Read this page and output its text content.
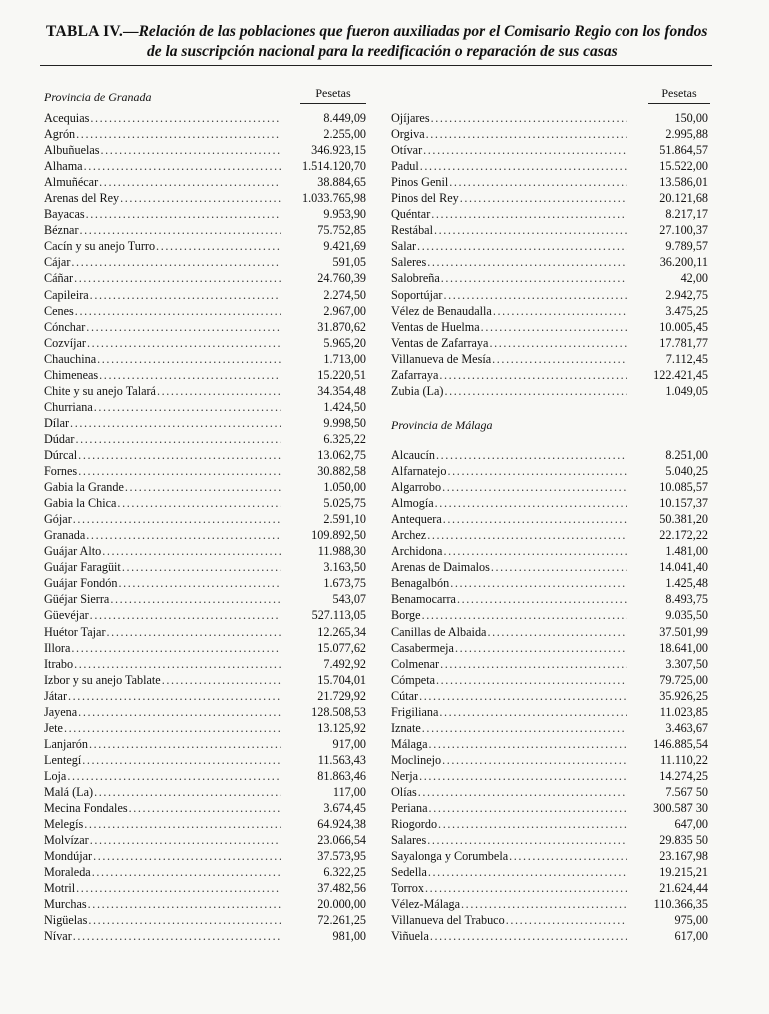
TABLA IV.—Relación de las poblaciones que fueron auxiliadas por el Comisario Regio con los fondos
de la suscripción nacional para la reedificación o reparación de sus casas
Provincia de Granada	Pesetas
Acequias .....	8.449,09
Agrón .....	2.255,00
Albuñuelas .....	346.923,15
Alhama .....	1.514.120,70
Almuñécar .....	38.884,65
Arenas del Rey .....	1.033.765,98
Bayacas .....	9.953,90
Béznar .....	75.752,85
Cacín y su anejo Turro .....	9.421,69
Cájar .....	591,05
Cáñar .....	24.760,39
Capileira .....	2.274,50
Cenes .....	2.967,00
Cónchar .....	31.870,62
Cozvíjar .....	5.965,20
Chauchina .....	1.713,00
Chimeneas .....	15.220,51
Chite y su anejo Talará .....	34.354,48
Churriana .....	1.424,50
Dílar .....	9.998,50
Dúdar .....	6.325,22
Dúrcal .....	13.062,75
Fornes .....	30.882,58
Gabia la Grande .....	1.050,00
Gabia la Chica .....	5.025,75
Gójar .....	2.591,10
Granada .....	109.892,50
Guájar Alto .....	11.988,30
Guájar Faragüit .....	3.163,50
Guájar Fondón .....	1.673,75
Güéjar Sierra .....	543,07
Güevéjar .....	527.113,05
Huétor Tajar .....	12.265,34
Illora .....	15.077,62
Itrabo .....	7.492,92
Izbor y su anejo Tablate .....	15.704,01
Játar .....	21.729,92
Jayena .....	128.508,53
Jete .....	13.125,92
Lanjarón .....	917,00
Lentegí .....	11.563,43
Loja .....	81.863,46
Malá (La) .....	117,00
Mecina Fondales .....	3.674,45
Melegís .....	64.924,38
Molvízar .....	23.066,54
Mondújar .....	37.573,95
Moraleda .....	6.322,25
Motril .....	37.482,56
Murchas .....	20.000,00
Nigüelas .....	72.261,25
Nívar .....	981,00
Pesetas
Ojíjares .....	150,00
Orgiva .....	2.995,88
Otívar .....	51.864,57
Padul .....	15.522,00
Pinos Genil .....	13.586,01
Pinos del Rey .....	20.121,68
Quéntar .....	8.217,17
Restábal .....	27.100,37
Salar .....	9.789,57
Saleres .....	36.200,11
Salobreña .....	42,00
Soportújar .....	2.942,75
Vélez de Benaudalla .....	3.475,25
Ventas de Huelma .....	10.005,45
Ventas de Zafarraya .....	17.781,77
Villanueva de Mesía .....	7.112,45
Zafarraya .....	122.421,45
Zubia (La) .....	1.049,05
Provincia de Málaga
Alcaucín .....	8.251,00
Alfarnatejo .....	5.040,25
Algarrobo .....	10.085,57
Almogía .....	10.157,37
Antequera .....	50.381,20
Archez .....	22.172,22
Archidona .....	1.481,00
Arenas de Daimalos .....	14.041,40
Benagalbón .....	1.425,48
Benamocarra .....	8.493,75
Borge .....	9.035,50
Canillas de Albaida .....	37.501,99
Casabermeja .....	18.641,00
Colmenar .....	3.307,50
Cómpeta .....	79.725,00
Cútar .....	35.926,25
Frigiliana .....	11.023,85
Iznate .....	3.463,67
Málaga .....	146.885,54
Moclinejo .....	11.110,22
Nerja .....	14.274,25
Olías .....	7.567 50
Periana .....	300.587 30
Riogordo .....	647,00
Salares .....	29.835 50
Sayalonga y Corumbela .....	23.167,98
Sedella .....	19.215,21
Torrox .....	21.624,44
Vélez-Málaga .....	110.366,35
Villanueva del Trabuco .....	975,00
Viñuela .....	617,00
